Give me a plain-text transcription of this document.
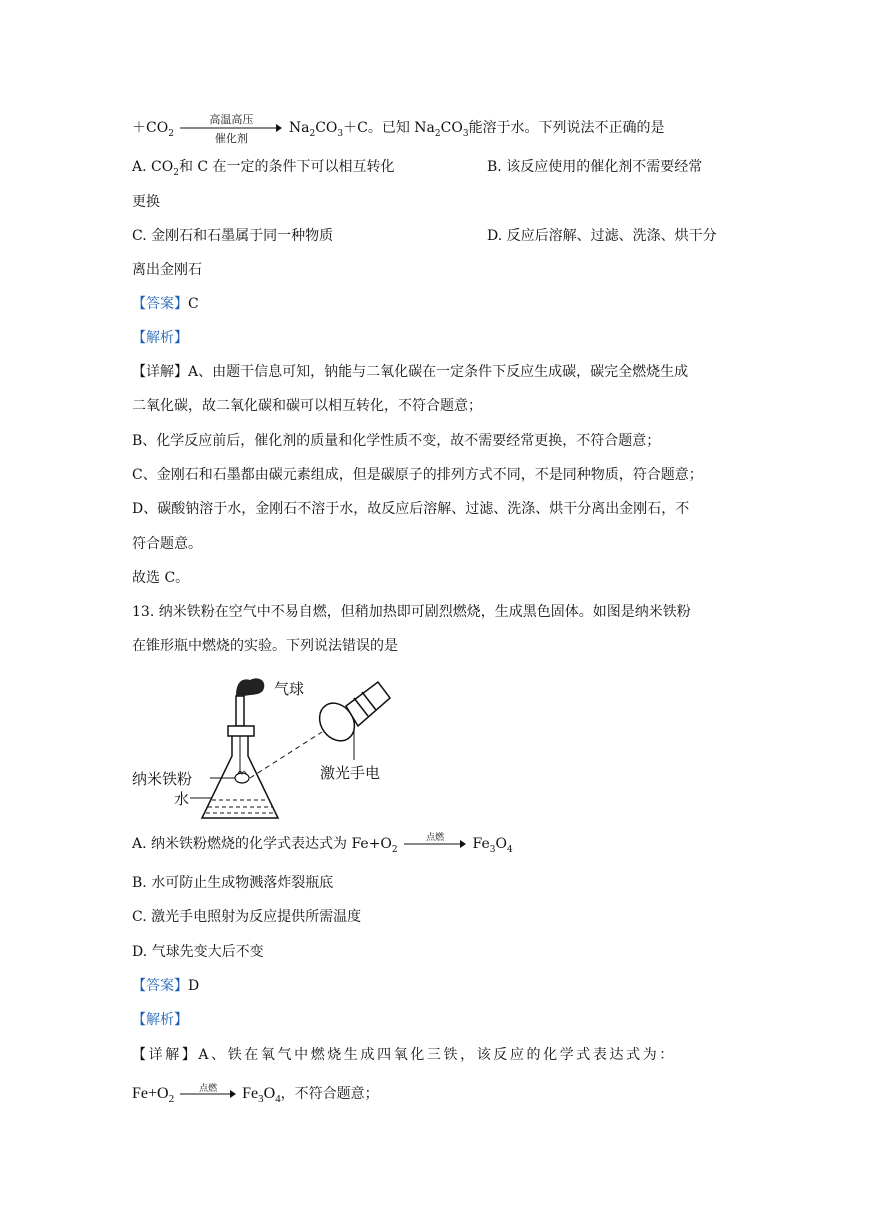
$+CO_2$
高温高压
催化剂
$Na_2CO_3+C$。已知 $Na_2CO_3$能溶于水。下列说法不正确的是
A. $CO_2$和 C 在一定的条件下可以相互转化	B. 该反应使用的催化剂不需要经常
更换
C. 金刚石和石墨属于同一种物质	D. 反应后溶解、过滤、洗涤、烘干分
离出金刚石
【答案】C
【解析】
【详解】A、由题干信息可知，钠能与二氧化碳在一定条件下反应生成碳，碳完全燃烧生成
二氧化碳，故二氧化碳和碳可以相互转化，不符合题意；
B、化学反应前后，催化剂的质量和化学性质不变，故不需要经常更换，不符合题意；
C、金刚石和石墨都由碳元素组成，但是碳原子的排列方式不同，不是同种物质，符合题意；
D、碳酸钠溶于水，金刚石不溶于水，故反应后溶解、过滤、洗涤、烘干分离出金刚石，不
符合题意。
故选 C。
13. 纳米铁粉在空气中不易自燃，但稍加热即可剧烈燃烧，生成黑色固体。如图是纳米铁粉
在锥形瓶中燃烧的实验。下列说法错误的是
气球
纳米铁粉
水
激光手电
A. 纳米铁粉燃烧的化学式表达式为 $Fe+O_2$
点燃	$Fe_3O_4$
B. 水可防止生成物溅落炸裂瓶底
C. 激光手电照射为反应提供所需温度
D. 气球先变大后不变
【答案】D
【解析】
【详解】A、铁在氧气中燃烧生成四氧化三铁，该反应的化学式表达式为：
$Fe+O_2$
点燃	$Fe_3O_4$，不符合题意；
